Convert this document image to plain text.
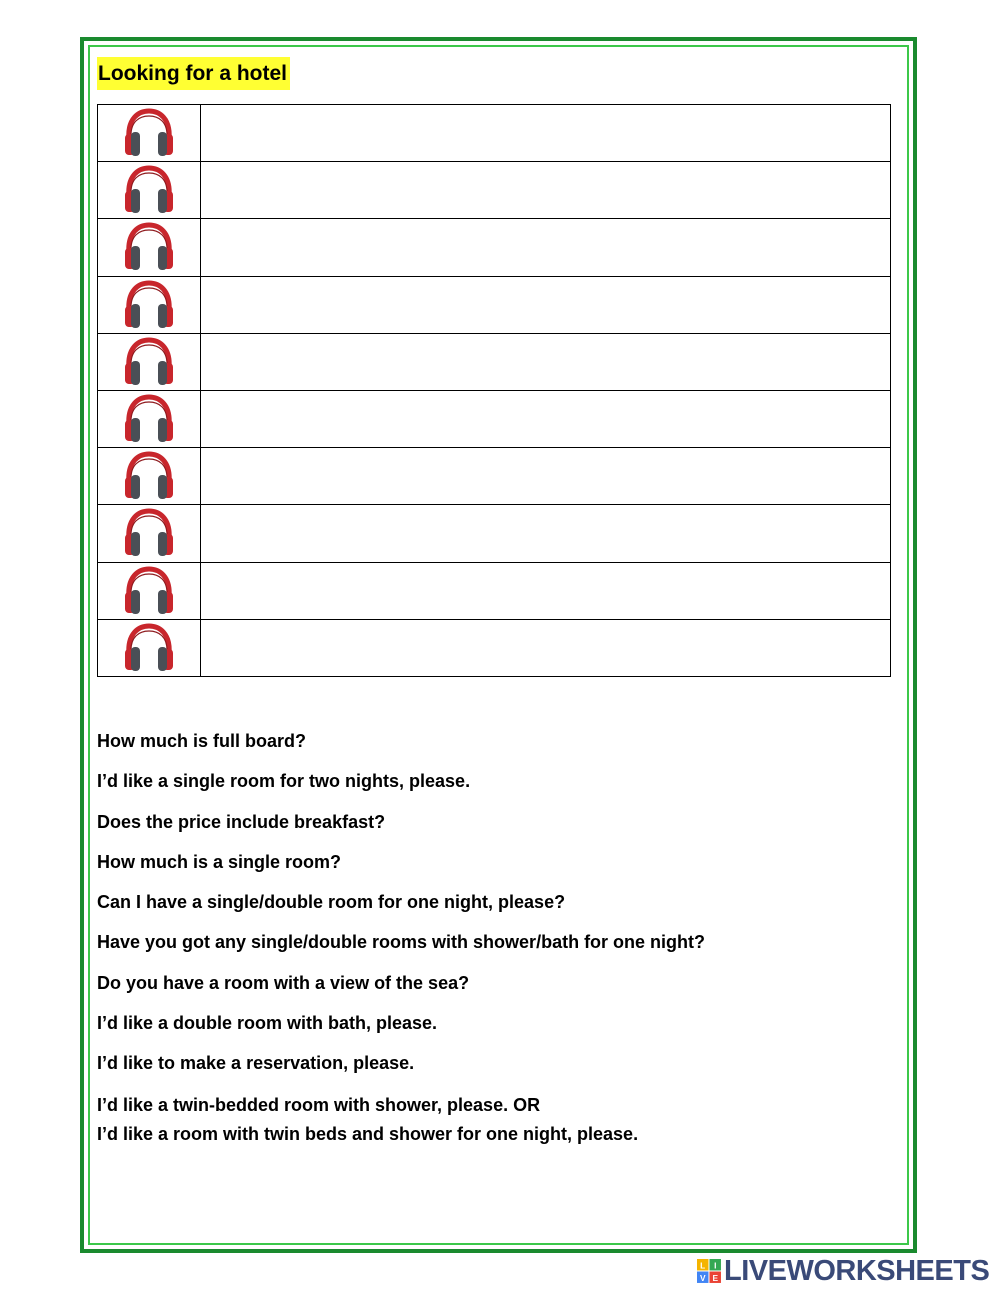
Looking for a hotel

How much is full board?
I’d like a single room for two nights, please.
Does the price include breakfast?
How much is a single room?
Can I have a single/double room for one night, please?
Have you got any single/double rooms with shower/bath for one night?
Do you have a room with a view of the sea?
I’d like a double room with bath, please.
I’d like to make a reservation, please.
I’d like a twin-bedded room with shower, please. OR
I’d like a room with twin beds and shower for one night, please.
L I
V E LIVEWORKSHEETS
